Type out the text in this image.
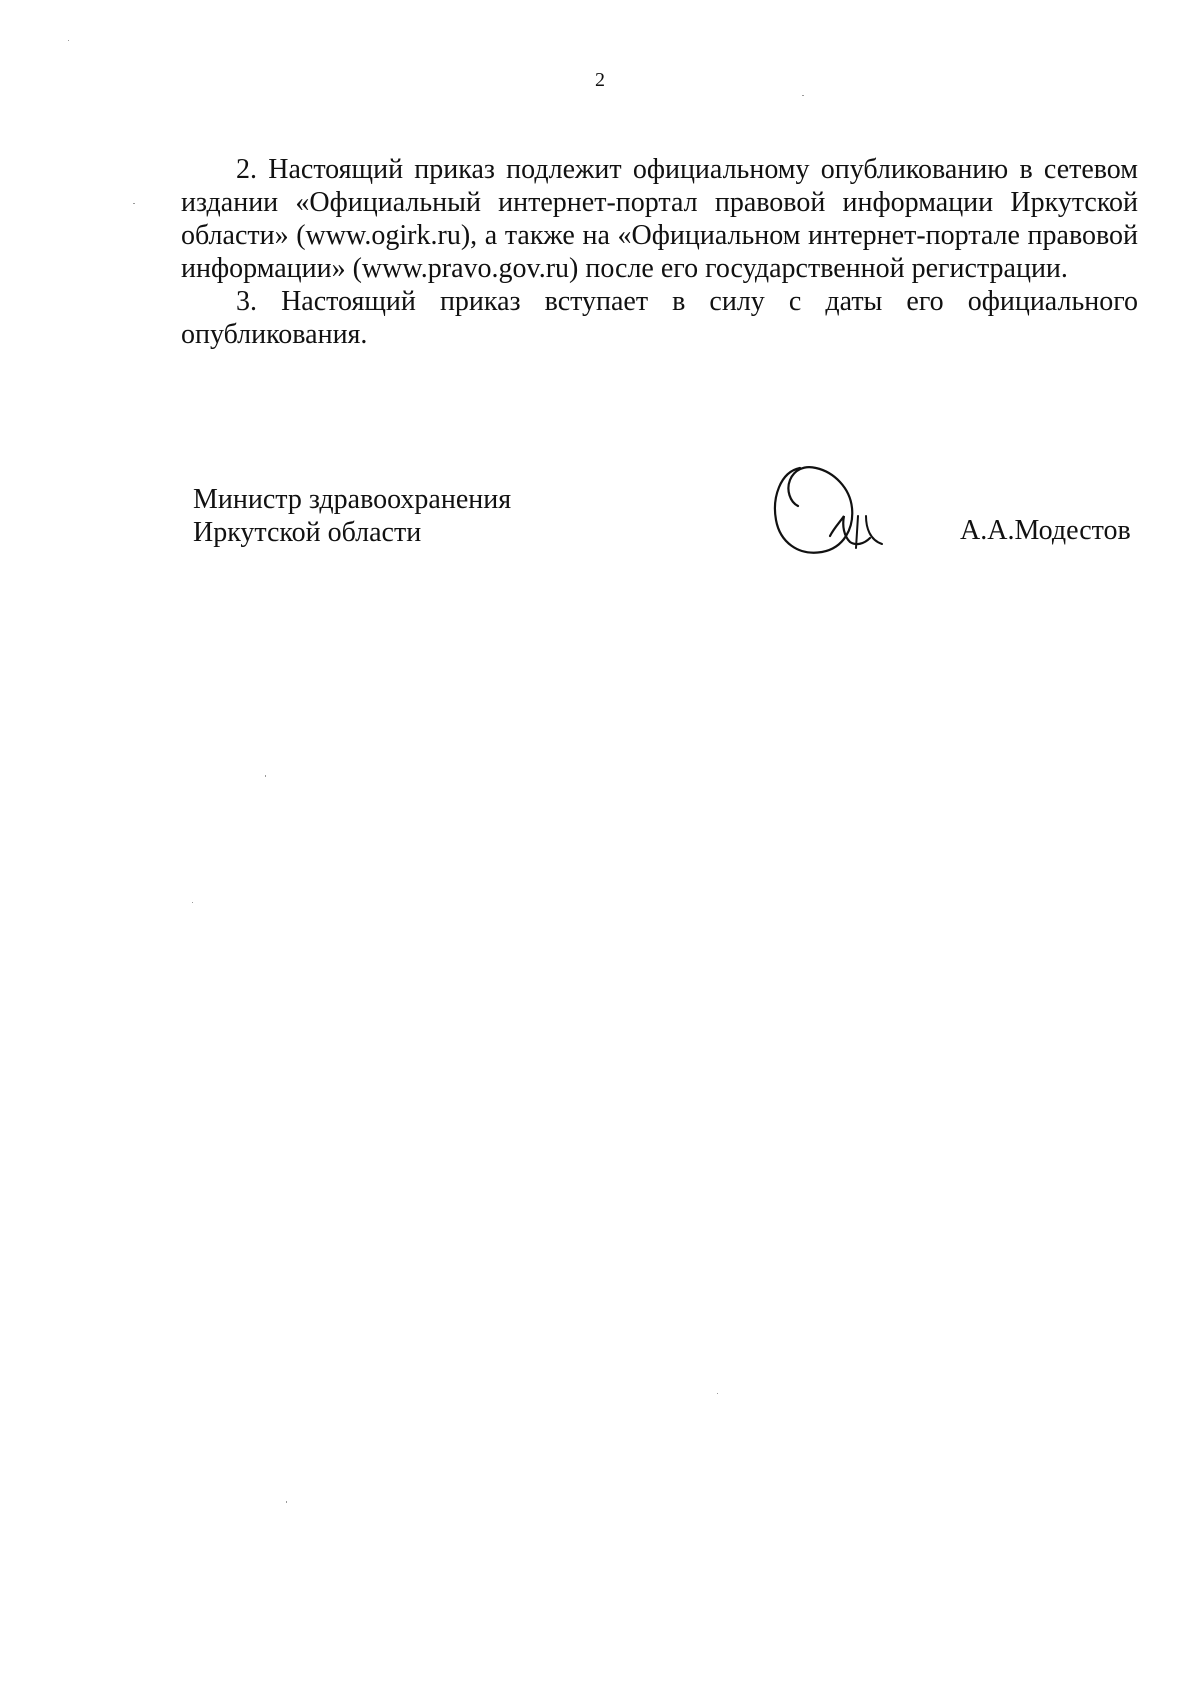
2

2. Настоящий приказ подлежит официальному опубликованию в сетевом издании «Официальный интернет-портал правовой информации Иркутской области» (www.ogirk.ru), а также на «Официальном интернет-портале правовой информации» (www.pravo.gov.ru) после его государственной регистрации.

3. Настоящий приказ вступает в силу с даты его официального опубликования.

Министр здравоохранения
Иркутской области	А.А.Модестов
